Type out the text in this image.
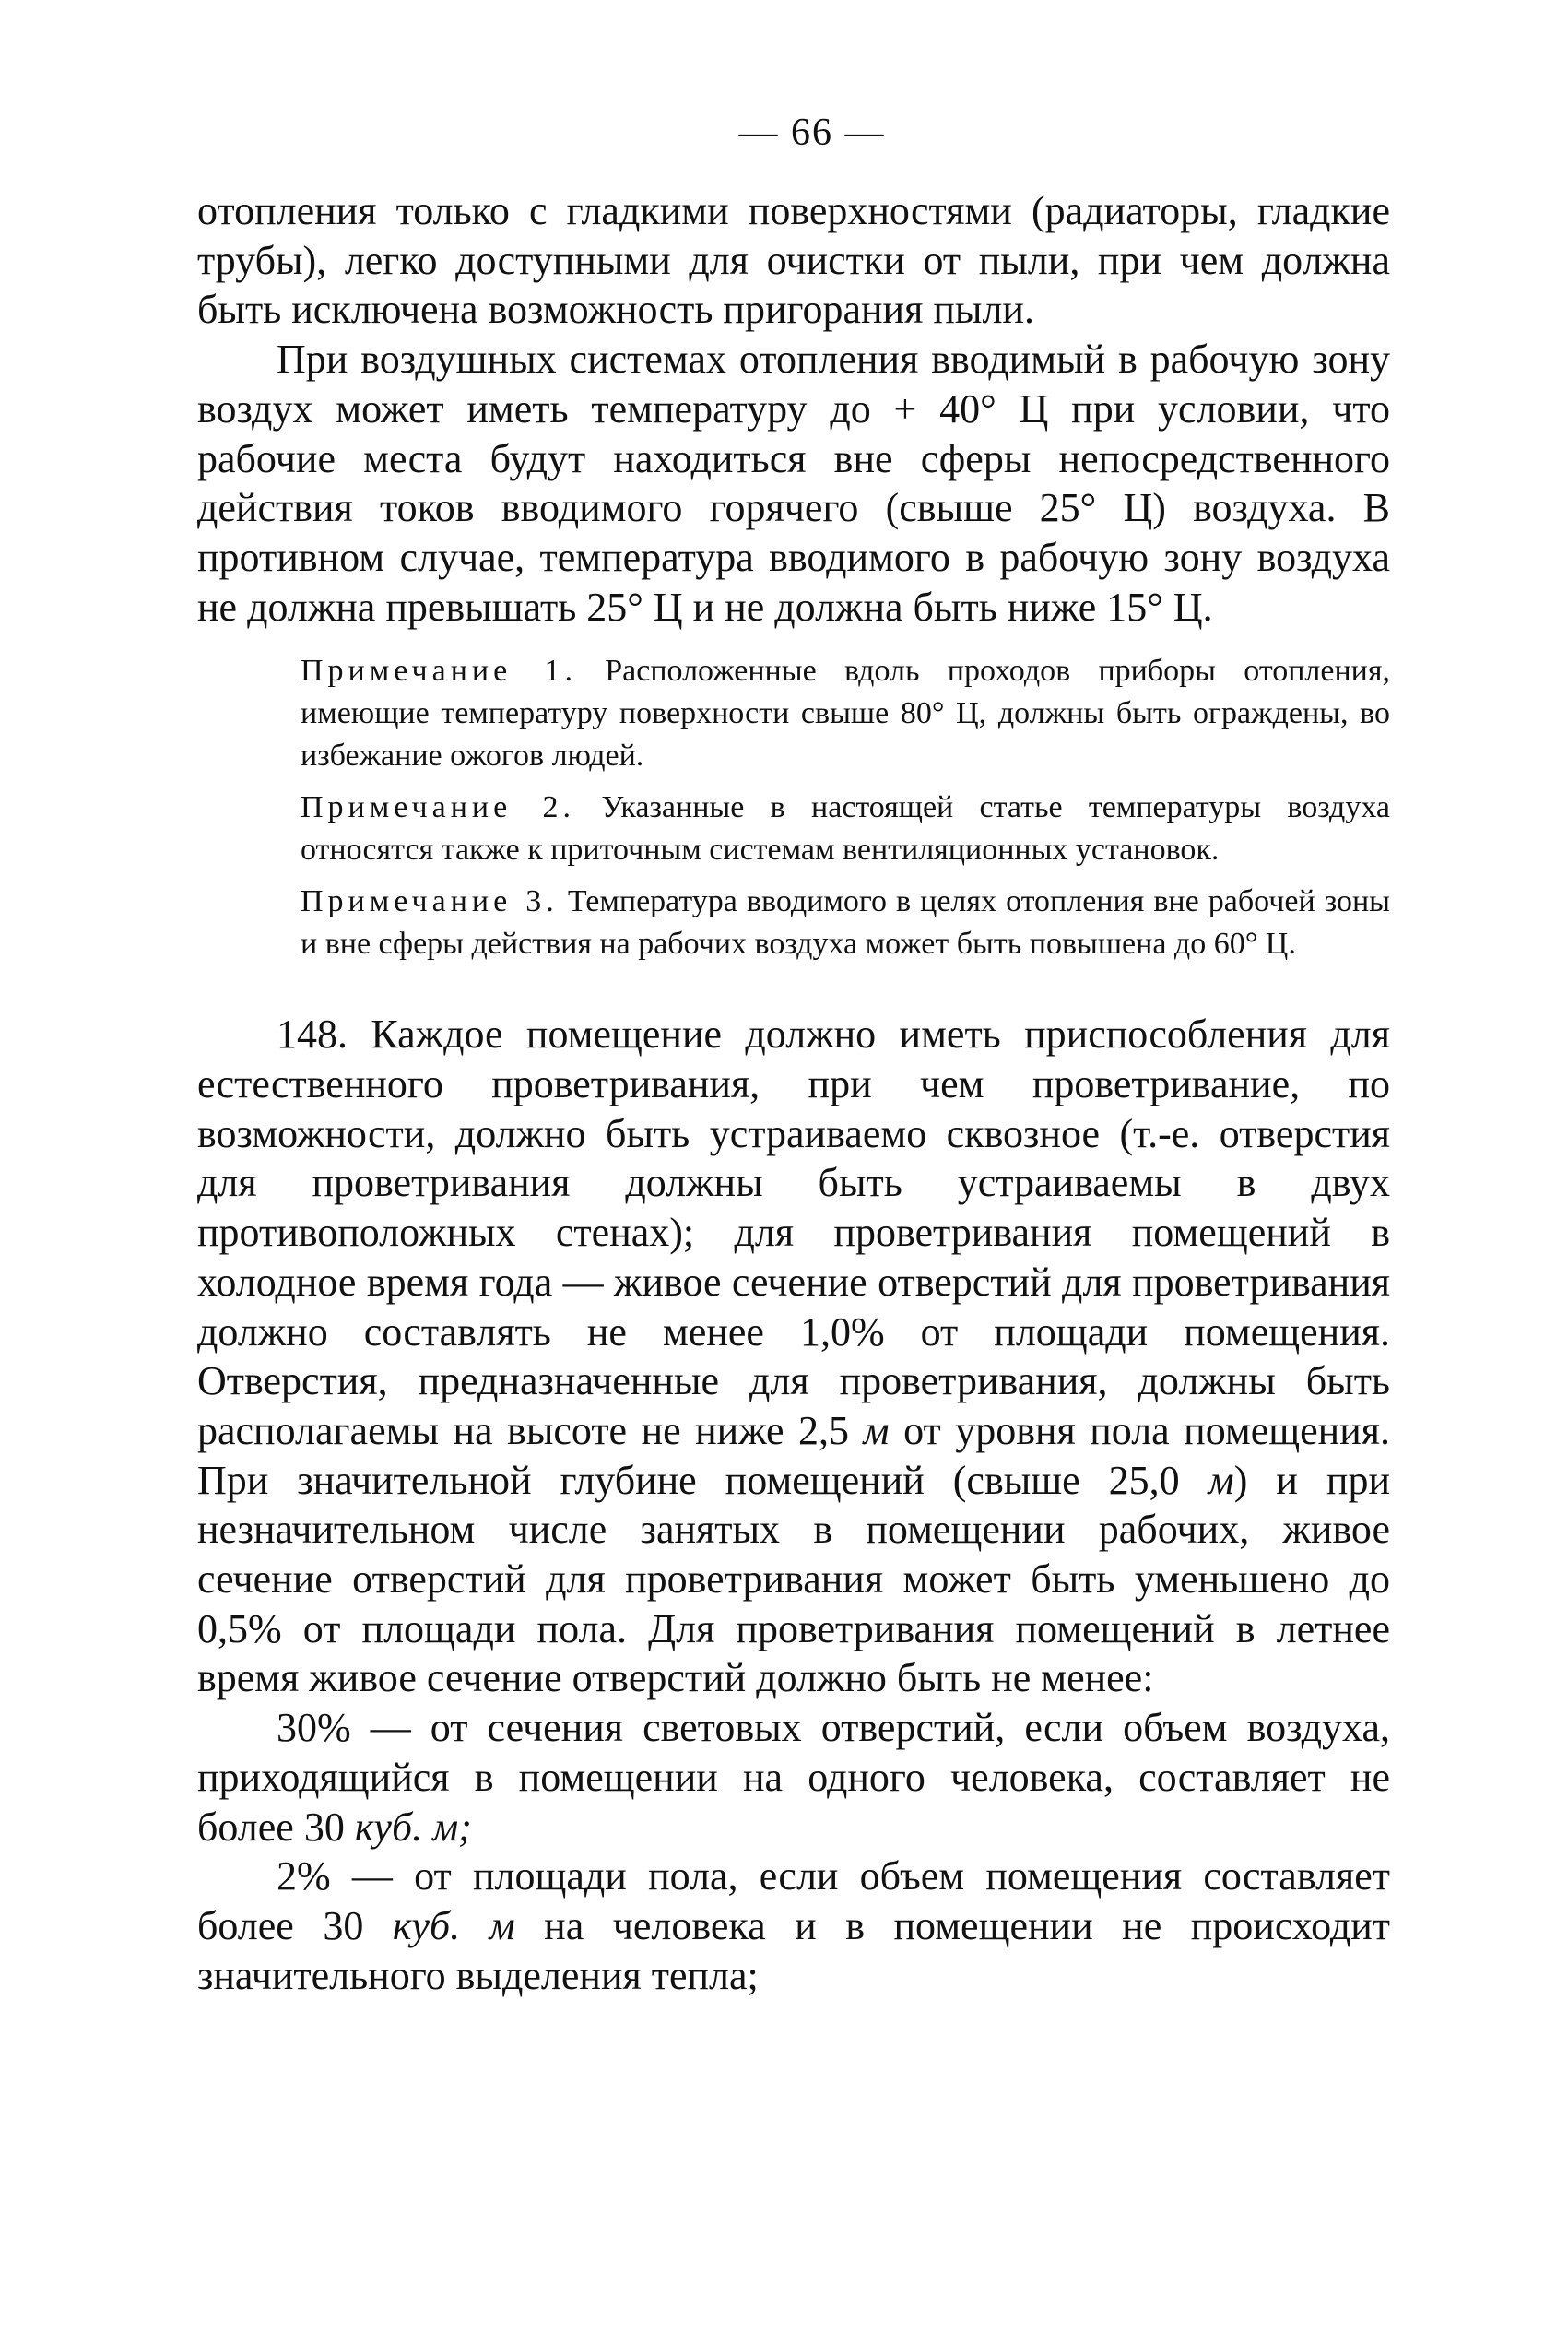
— 66 —

отопления только с гладкими поверхностями (радиаторы, гладкие трубы), легко доступными для очистки от пыли, при чем должна быть исключена возможность пригорания пыли.

При воздушных системах отопления вводимый в рабочую зону воздух может иметь температуру до + 40° Ц при условии, что рабочие места будут находиться вне сферы непосредственного действия токов вводимого горячего (свыше 25° Ц) воздуха. В противном случае, температура вводимого в рабочую зону воздуха не должна превышать 25° Ц и не должна быть ниже 15° Ц.

Примечание 1. Расположенные вдоль проходов приборы отопления, имеющие температуру поверхности свыше 80° Ц, должны быть ограждены, во избежание ожогов людей.

Примечание 2. Указанные в настоящей статье температуры воздуха относятся также к приточным системам вентиляционных установок.

Примечание 3. Температура вводимого в целях отопления вне рабочей зоны и вне сферы действия на рабочих воздуха может быть повышена до 60° Ц.

148. Каждое помещение должно иметь приспособления для естественного проветривания, при чем проветривание, по возможности, должно быть устраиваемо сквозное (т.-е. отверстия для проветривания должны быть устраиваемы в двух противоположных стенах); для проветривания помещений в холодное время года — живое сечение отверстий для проветривания должно составлять не менее 1,0% от площади помещения. Отверстия, предназначенные для проветривания, должны быть располагаемы на высоте не ниже 2,5 м от уровня пола помещения. При значительной глубине помещений (свыше 25,0 м) и при незначительном числе занятых в помещении рабочих, живое сечение отверстий для проветривания может быть уменьшено до 0,5% от площади пола. Для проветривания помещений в летнее время живое сечение отверстий должно быть не менее:

30% — от сечения световых отверстий, если объем воздуха, приходящийся в помещении на одного человека, составляет не более 30 куб. м;

2% — от площади пола, если объем помещения составляет более 30 куб. м на человека и в помещении не происходит значительного выделения тепла;
